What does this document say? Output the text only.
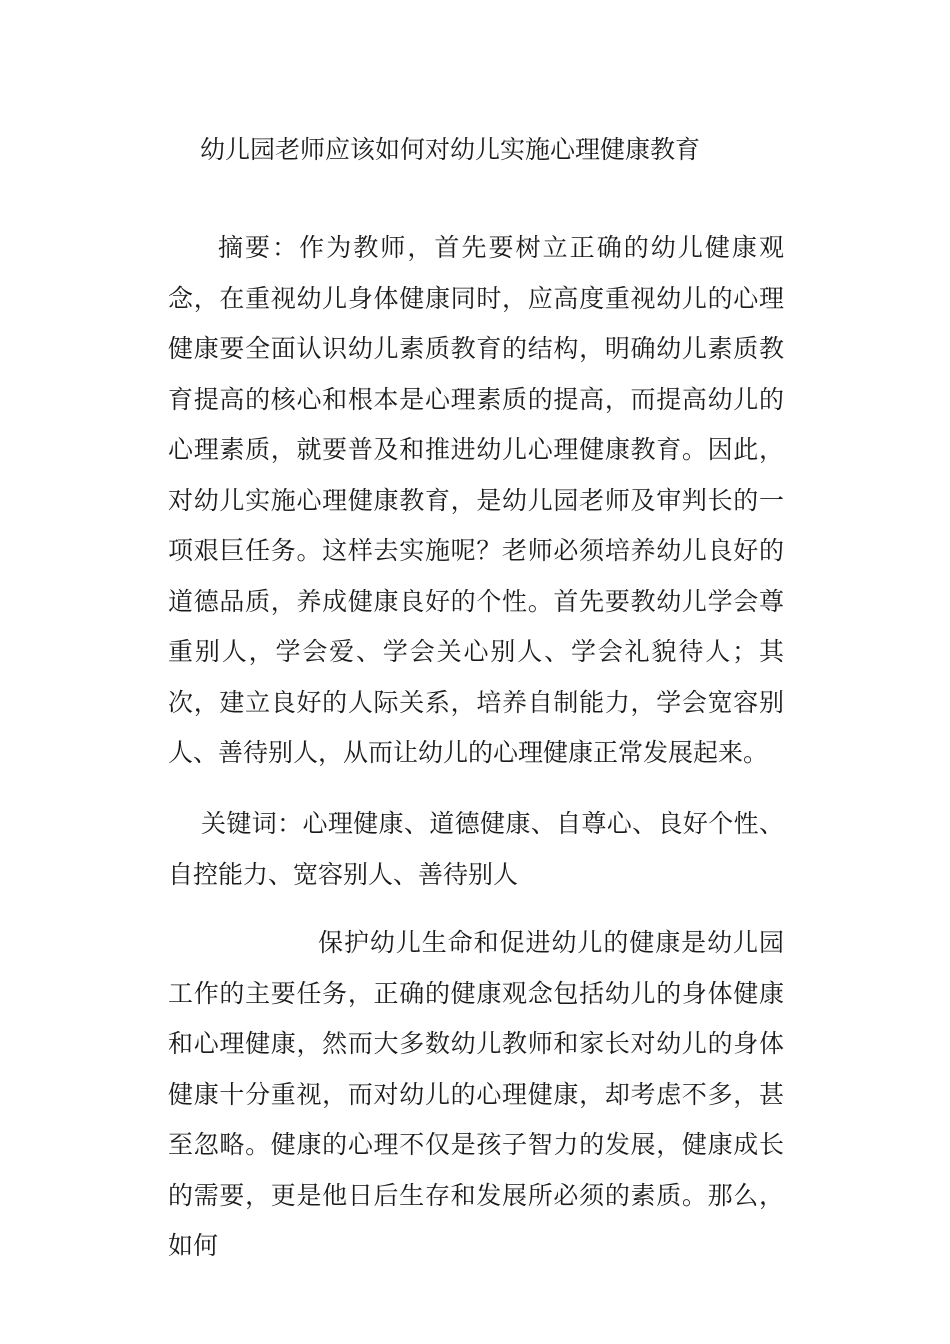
幼儿园老师应该如何对幼儿实施心理健康教育

摘要：作为教师，首先要树立正确的幼儿健康观念，在重视幼儿身体健康同时，应高度重视幼儿的心理健康要全面认识幼儿素质教育的结构，明确幼儿素质教育提高的核心和根本是心理素质的提高，而提高幼儿的心理素质，就要普及和推进幼儿心理健康教育。因此，对幼儿实施心理健康教育，是幼儿园老师及审判长的一项艰巨任务。这样去实施呢？老师必须培养幼儿良好的道德品质，养成健康良好的个性。首先要教幼儿学会尊重别人，学会爱、学会关心别人、学会礼貌待人；其次，建立良好的人际关系，培养自制能力，学会宽容别人、善待别人，从而让幼儿的心理健康正常发展起来。

关键词：心理健康、道德健康、自尊心、良好个性、自控能力、宽容别人、善待别人

保护幼儿生命和促进幼儿的健康是幼儿园工作的主要任务，正确的健康观念包括幼儿的身体健康和心理健康，然而大多数幼儿教师和家长对幼儿的身体健康十分重视，而对幼儿的心理健康，却考虑不多，甚至忽略。健康的心理不仅是孩子智力的发展，健康成长的需要，更是他日后生存和发展所必须的素质。那么，如何
